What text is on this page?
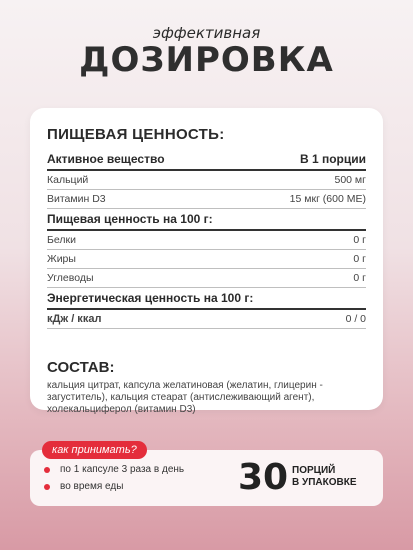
эффективная
ДОЗИРОВКА
ПИЩЕВАЯ ЦЕННОСТЬ:
Активное вещество	В 1 порции
Кальций	500 мг
Витамин D3	15 мкг (600 МЕ)
Пищевая ценность на 100 г:
Белки	0 г
Жиры	0 г
Углеводы	0 г
Энергетическая ценность на 100 г:
кДж / ккал	0 / 0
СОСТАВ:
кальция цитрат, капсула желатиновая (желатин, глицерин - загуститель), кальция стеарат (антислеживающий агент), холекальциферол (витамин D3)
по 1 капсуле 3 раза в день
во время еды	30 ПОРЦИЙ
В УПАКОВКЕ
как принимать?
